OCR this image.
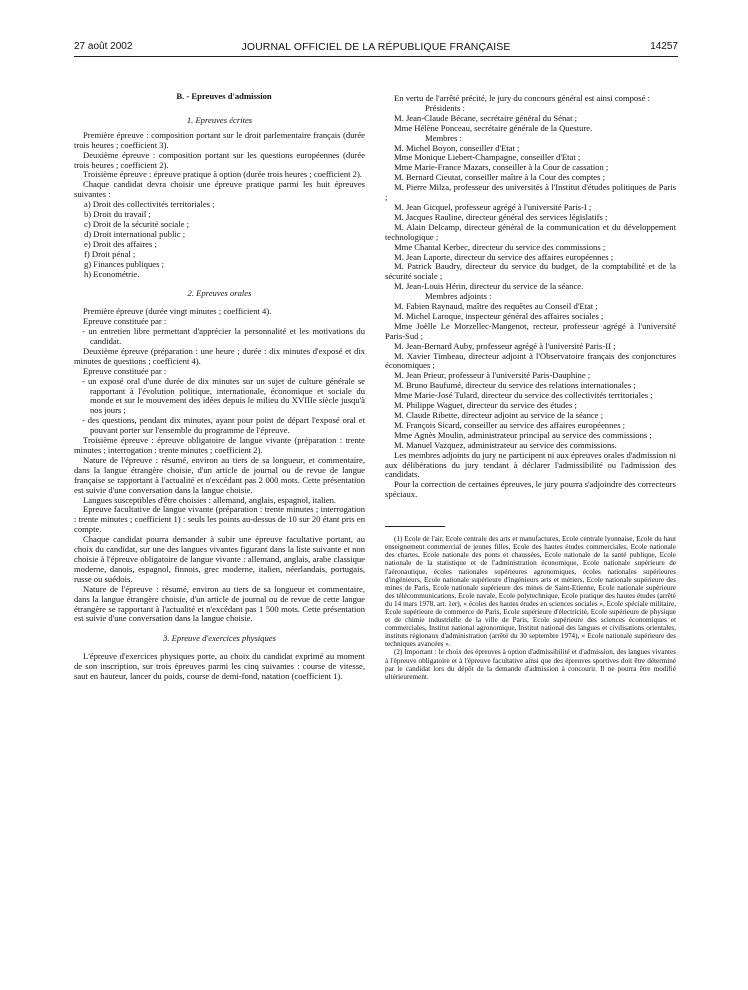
27 août 2002	JOURNAL OFFICIEL DE LA RÉPUBLIQUE FRANÇAISE	14257

B. - Epreuves d'admission

1. Epreuves écrites

Première épreuve : composition portant sur le droit parlementaire français (durée trois heures ; coefficient 3).

Deuxième épreuve : composition portant sur les questions européennes (durée trois heures ; coefficient 2).

Troisième épreuve : épreuve pratique à option (durée trois heures ; coefficient 2).

Chaque candidat devra choisir une épreuve pratique parmi les huit épreuves suivantes :

a) Droit des collectivités territoriales ;

b) Droit du travail ;

c) Droit de la sécurité sociale ;

d) Droit international public ;

e) Droit des affaires ;

f) Droit pénal ;

g) Finances publiques ;

h) Econométrie.

2. Epreuves orales

Première épreuve (durée vingt minutes ; coefficient 4).

Epreuve constituée par :

- un entretien libre permettant d'apprécier la personnalité et les motivations du candidat.

Deuxième épreuve (préparation : une heure ; durée : dix minutes d'exposé et dix minutes de questions ; coefficient 4).

Epreuve constituée par :

- un exposé oral d'une durée de dix minutes sur un sujet de culture générale se rapportant à l'évolution politique, internationale, économique et sociale du monde et sur le mouvement des idées depuis le milieu du XVIIIe siècle jusqu'à nos jours ;

- des questions, pendant dix minutes, ayant pour point de départ l'exposé oral et pouvant porter sur l'ensemble du programme de l'épreuve.

Troisième épreuve : épreuve obligatoire de langue vivante (préparation : trente minutes ; interrogation : trente minutes ; coefficient 2).

Nature de l'épreuve : résumé, environ au tiers de sa longueur, et commentaire, dans la langue étrangère choisie, d'un article de journal ou de revue de langue française se rapportant à l'actualité et n'excédant pas 2 000 mots. Cette présentation est suivie d'une conversation dans la langue choisie.

Langues susceptibles d'être choisies : allemand, anglais, espagnol, italien.

Epreuve facultative de langue vivante (préparation : trente minutes ; interrogation : trente minutes ; coefficient 1) : seuls les points au-dessus de 10 sur 20 étant pris en compte.

Chaque candidat pourra demander à subir une épreuve facultative portant, au choix du candidat, sur une des langues vivantes figurant dans la liste suivante et non choisie à l'épreuve obligatoire de langue vivante : allemand, anglais, arabe classique moderne, danois, espagnol, finnois, grec moderne, italien, néerlandais, portugais, russe ou suédois.

Nature de l'épreuve : résumé, environ au tiers de sa longueur et commentaire, dans la langue étrangère choisie, d'un article de journal ou de revue de cette langue étrangère se rapportant à l'actualité et n'excédant pas 1 500 mots. Cette présentation est suivie d'une conversation dans la langue choisie.

3. Epreuve d'exercices physiques

L'épreuve d'exercices physiques porte, au choix du candidat exprimé au moment de son inscription, sur trois épreuves parmi les cinq suivantes : course de vitesse, saut en hauteur, lancer du poids, course de demi-fond, natation (coefficient 1).

En vertu de l'arrêté précité, le jury du concours général est ainsi composé :

Présidents :

M. Jean-Claude Bécane, secrétaire général du Sénat ;

Mme Hélène Ponceau, secrétaire générale de la Questure.

Membres :

M. Michel Boyon, conseiller d'Etat ;

Mme Monique Liebert-Champagne, conseiller d'Etat ;

Mme Marie-France Mazars, conseiller à la Cour de cassation ;

M. Bernard Cieutat, conseiller maître à la Cour des comptes ;

M. Pierre Milza, professeur des universités à l'Institut d'études politiques de Paris ;

M. Jean Gicquel, professeur agrégé à l'université Paris-I ;

M. Jacques Rauline, directeur général des services législatifs ;

M. Alain Delcamp, directeur général de la communication et du développement technologique ;

Mme Chantal Kerbec, directeur du service des commissions ;

M. Jean Laporte, directeur du service des affaires européennes ;

M. Patrick Baudry, directeur du service du budget, de la comptabilité et de la sécurité sociale ;

M. Jean-Louis Hérin, directeur du service de la séance.

Membres adjoints :

M. Fabien Raynaud, maître des requêtes au Conseil d'Etat ;

M. Michel Laroque, inspecteur général des affaires sociales ;

Mme Joëlle Le Morzellec-Mangenot, recteur, professeur agrégé à l'université Paris-Sud ;

M. Jean-Bernard Auby, professeur agrégé à l'université Paris-II ;

M. Xavier Timbeau, directeur adjoint à l'Observatoire français des conjonctures économiques ;

M. Jean Prieur, professeur à l'université Paris-Dauphine ;

M. Bruno Baufumé, directeur du service des relations internationales ;

Mme Marie-José Tulard, directeur du service des collectivités territoriales ;

M. Philippe Waguet, directeur du service des études ;

M. Claude Ribette, directeur adjoint au service de la séance ;

M. François Sicard, conseiller au service des affaires européennes ;

Mme Agnès Moulin, administrateur principal au service des commissions ;

M. Manuel Vazquez, administrateur au service des commissions.

Les membres adjoints du jury ne participent ni aux épreuves orales d'admission ni aux délibérations du jury tendant à déclarer l'admissibilité ou l'admission des candidats.

Pour la correction de certaines épreuves, le jury pourra s'adjoindre des correcteurs spéciaux.

(1) Ecole de l'air, Ecole centrale des arts et manufactures, Ecole centrale lyonnaise, Ecole du haut enseignement commercial de jeunes filles, Ecole des hautes études commerciales, Ecole nationale des chartes, Ecole nationale des ponts et chaussées, Ecole nationale de la santé publique, Ecole nationale de la statistique et de l'administration économique, Ecole nationale supérieure de l'aéronautique, écoles nationales supérieures agronomiques, écoles nationales supérieures d'ingénieurs, Ecole nationale supérieure d'ingénieurs arts et métiers, Ecole nationale supérieure des mines de Paris, Ecole nationale supérieure des mines de Saint-Etienne, Ecole nationale supérieure des télécommunications, Ecole navale, Ecole polytechnique, Ecole pratique des hautes études (arrêté du 14 mars 1978, art. 1er), « écoles des hautes études en sciences sociales », Ecole spéciale militaire, Ecole supérieure de commerce de Paris, Ecole supérieure d'électricité, Ecole supérieure de physique et de chimie industrielle de la ville de Paris, Ecole supérieure des sciences économiques et commerciales, Institut national agronomique, Institut national des langues et civilisations orientales, instituts régionaux d'administration (arrêté du 30 septembre 1974), « Ecole nationale supérieure des techniques avancées ».

(2) Important : le choix des épreuves à option d'admissibilité et d'admission, des langues vivantes à l'épreuve obligatoire et à l'épreuve facultative ainsi que des épreuves sportives doit être déterminé par le candidat lors du dépôt de la demande d'admission à concourir. Il ne pourra être modifié ultérieurement.
